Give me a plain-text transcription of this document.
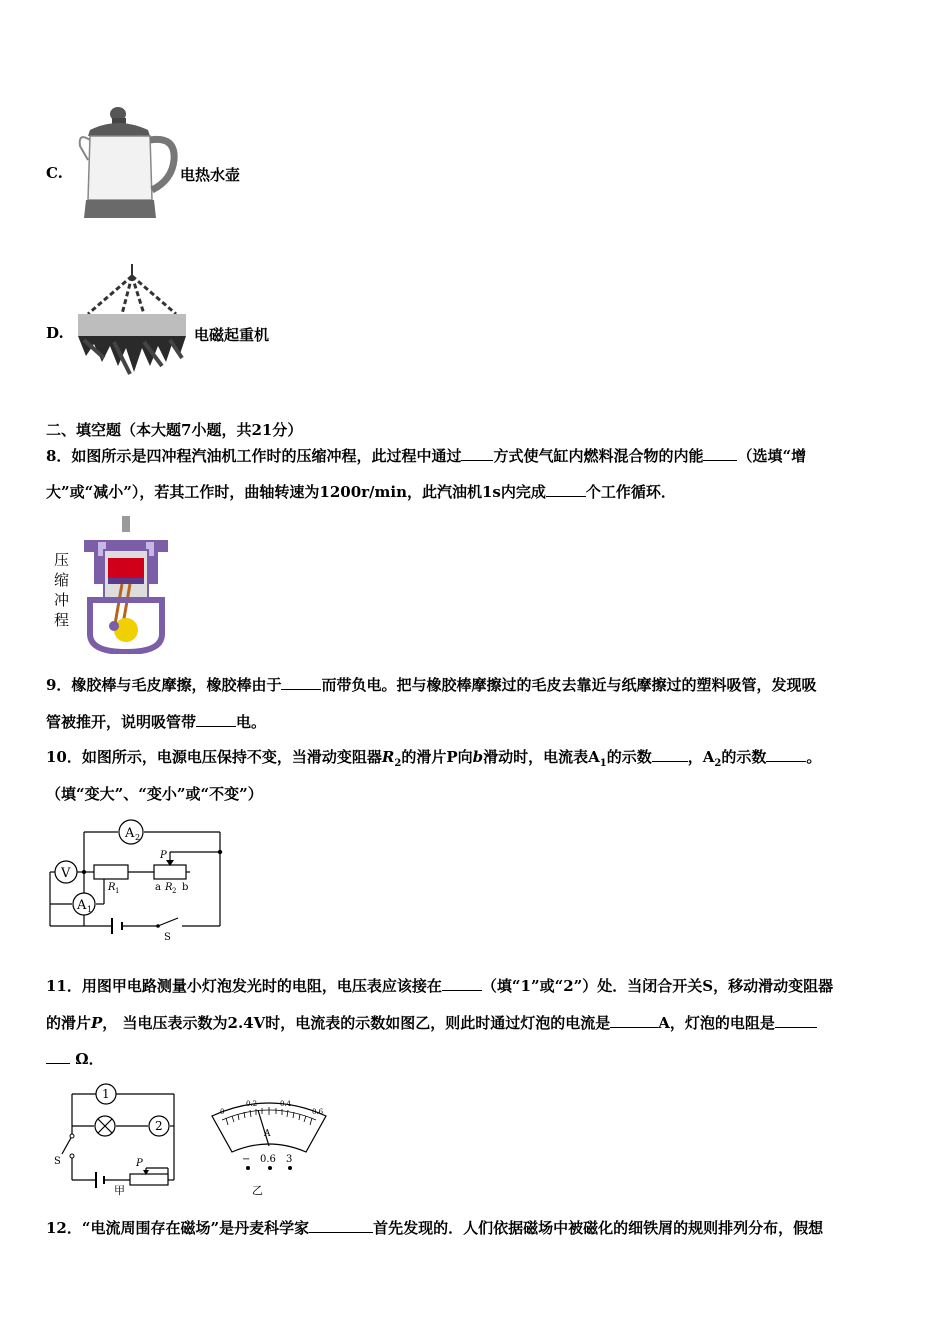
C.	电热水壶
D.	电磁起重机
二、填空题（本大题7小题，共21分）
8．如图所示是四冲程汽油机工作时的压缩冲程，此过程中通过 方式使气缸内燃料混合物的内能 （选填“增
大”或“减小”），若其工作时，曲轴转速为1200r/min，此汽油机1s内完成	个工作循环．
压
缩
冲
程
9．橡胶棒与毛皮摩擦，橡胶棒由于	而带负电。把与橡胶棒摩擦过的毛皮去靠近与纸摩擦过的塑料吸管，发现吸
管被推开，说明吸管带	电。
10．如图所示，电源电压保持不变，当滑动变阻器$R_2$的滑片P向b滑动时，电流表$A_1$的示数 ，$A_2$的示数	。
（填“变大”、“变小”或“不变”）
A 2
V
A 1
R 1
P
a R 2 b
S
11．用图甲电路测量小灯泡发光时的电阻，电压表应该接在	（填“1”或“2”）处．当闭合开关S，移动滑动变阻器
的滑片P， 当电压表示数为2.4V时，电流表的示数如图乙，则此时通过灯泡的电流是	A，灯泡的电阻是
Ω．
1
2
S	P
甲
0
0.2	0.4
0.6
A
− 0.6 3
乙
12．“电流周围存在磁场”是丹麦科学家	首先发现的．人们依据磁场中被磁化的细铁屑的规则排列分布，假想
